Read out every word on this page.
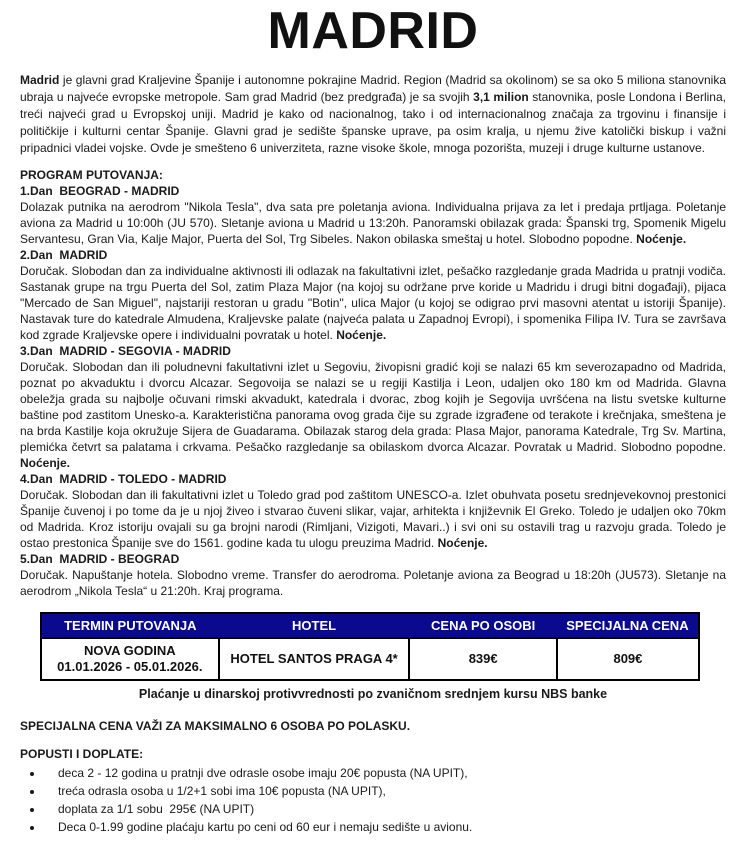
MADRID

Madrid je glavni grad Kraljevine Španije i autonomne pokrajine Madrid. Region (Madrid sa okolinom) se sa oko 5 miliona stanovnika ubraja u najveće evropske metropole. Sam grad Madrid (bez predgrađa) je sa svojih 3,1 milion stanovnika, posle Londona i Berlina, treći najveći grad u Evropskoj uniji. Madrid je kako od nacionalnog, tako i od internacionalnog značaja za trgovinu i finansije i političkije i kulturni centar Španije. Glavni grad je sedište španske uprave, pa osim kralja, u njemu žive katolički biskup i važni pripadnici vladei vojske. Ovde je smešteno 6 univerziteta, razne visoke škole, mnoga pozorišta, muzeji i druge kulturne ustanove.

PROGRAM PUTOVANJA:

1.Dan  BEOGRAD - MADRID

Dolazak putnika na aerodrom "Nikola Tesla", dva sata pre poletanja aviona. Individualna prijava za let i predaja prtljaga. Poletanje aviona za Madrid u 10:00h (JU 570). Sletanje aviona u Madrid u 13:20h. Panoramski obilazak grada: Španski trg, Spomenik Migelu Servantesu, Gran Via, Kalje Major, Puerta del Sol, Trg Sibeles. Nakon obilaska smeštaj u hotel. Slobodno popodne. Noćenje.

2.Dan  MADRID

Doručak. Slobodan dan za individualne aktivnosti ili odlazak na fakultativni izlet, pešačko razgledanje grada Madrida u pratnji vodiča. Sastanak grupe na trgu Puerta del Sol, zatim Plaza Major (na kojoj su održane prve koride u Madridu i drugi bitni događaji), pijaca "Mercado de San Miguel", najstariji restoran u gradu "Botin", ulica Major (u kojoj se odigrao prvi masovni atentat u istoriji Španije). Nastavak ture do katedrale Almudena, Kraljevske palate (najveća palata u Zapadnoj Evropi), i spomenika Filipa IV. Tura se završava kod zgrade Kraljevske opere i individualni povratak u hotel. Noćenje.

3.Dan  MADRID - SEGOVIA - MADRID

Doručak. Slobodan dan ili poludnevni fakultativni izlet u Segoviu, živopisni gradić koji se nalazi 65 km severozapadno od Madrida, poznat po akvaduktu i dvorcu Alcazar. Segovoija se nalazi se u regiji Kastilja i Leon, udaljen oko 180 km od Madrida. Glavna obeležja grada su najbolje očuvani rimski akvadukt, katedrala i dvorac, zbog kojih je Segovija uvršćena na listu svetske kulturne baštine pod zastitom Unesko-a. Karakteristična panorama ovog grada čije su zgrade izgrađene od terakote i krečnjaka, smeštena je na brda Kastilje koja okružuje Sijera de Guadarama. Obilazak starog dela grada: Plasa Major, panorama Katedrale, Trg Sv. Martina, plemićka četvrt sa palatama i crkvama. Pešačko razgledanje sa obilaskom dvorca Alcazar. Povratak u Madrid. Slobodno popodne. Noćenje.

4.Dan  MADRID - TOLEDO - MADRID

Doručak. Slobodan dan ili fakultativni izlet u Toledo grad pod zaštitom UNESCO-a. Izlet obuhvata posetu srednjevekovnoj prestonici Španije čuvenoj i po tome da je u njoj živeo i stvarao čuveni slikar, vajar, arhitekta i književnik El Greko. Toledo je udaljen oko 70km od Madrida. Kroz istoriju ovajali su ga brojni narodi (Rimljani, Vizigoti, Mavari..) i svi oni su ostavili trag u razvoju grada. Toledo je ostao prestonica Španije sve do 1561. godine kada tu ulogu preuzima Madrid. Noćenje.

5.Dan  MADRID - BEOGRAD

Doručak. Napuštanje hotela. Slobodno vreme. Transfer do aerodroma. Poletanje aviona za Beograd u 18:20h (JU573). Sletanje na aerodrom „Nikola Tesla“ u 21:20h. Kraj programa.

TERMIN PUTOVANJA	HOTEL	CENA PO OSOBI	SPECIJALNA CENA

NOVA GODINA
01.01.2026 - 05.01.2026.	HOTEL SANTOS PRAGA 4*	839€	809€

Plaćanje u dinarskoj protivvrednosti po zvaničnom srednjem kursu NBS banke

SPECIJALNA CENA VAŽI ZA MAKSIMALNO 6 OSOBA PO POLASKU.

POPUSTI I DOPLATE:

• deca 2 - 12 godina u pratnji dve odrasle osobe imaju 20€ popusta (NA UPIT),
• treća odrasla osoba u 1/2+1 sobi ima 10€ popusta (NA UPIT),
• doplata za 1/1 sobu  295€ (NA UPIT)
• Deca 0-1.99 godine plaćaju kartu po ceni od 60 eur i nemaju sedište u avionu.
